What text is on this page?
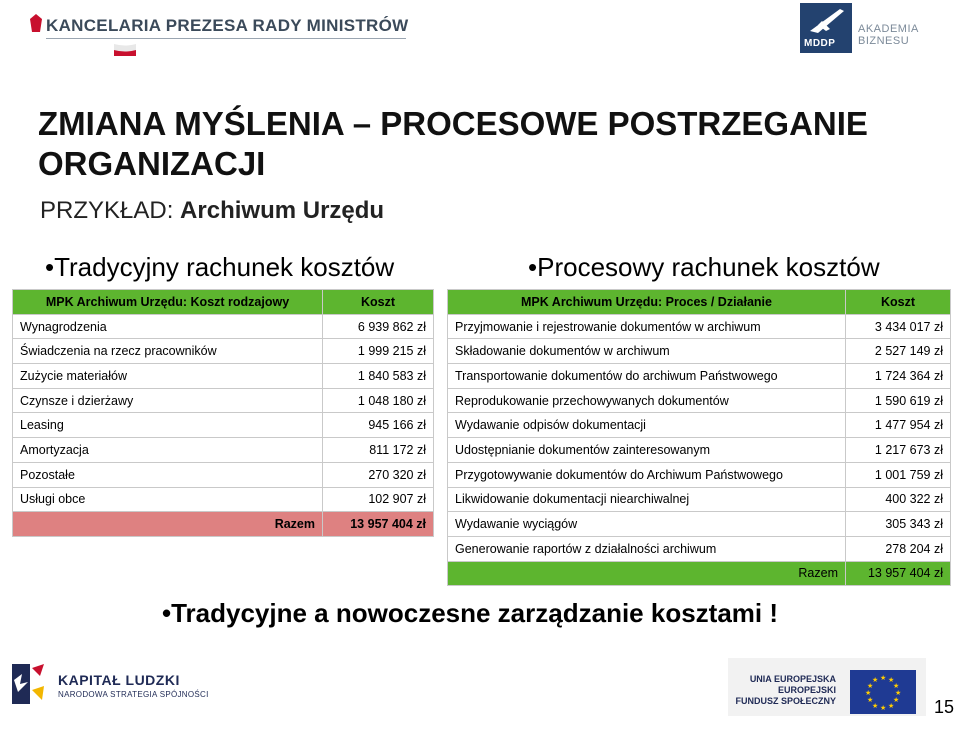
KANCELARIA PREZESA RADY MINISTRÓW
MDDP
AKADEMIA
BIZNESU
ZMIANA MYŚLENIA – PROCESOWE POSTRZEGANIE ORGANIZACJI
PRZYKŁAD: Archiwum Urzędu
•Tradycyjny rachunek kosztów	•Procesowy rachunek kosztów
MPK Archiwum Urzędu: Koszt rodzajowy	Koszt
Wynagrodzenia	6 939 862 zł
Świadczenia na rzecz pracowników	1 999 215 zł
Zużycie materiałów	1 840 583 zł
Czynsze i dzierżawy	1 048 180 zł
Leasing	945 166 zł
Amortyzacja	811 172 zł
Pozostałe	270 320 zł
Usługi obce	102 907 zł
Razem	13 957 404 zł
MPK Archiwum Urzędu: Proces / Działanie	Koszt
Przyjmowanie i rejestrowanie dokumentów w archiwum	3 434 017 zł
Składowanie dokumentów w archiwum	2 527 149 zł
Transportowanie dokumentów do archiwum Państwowego	1 724 364 zł
Reprodukowanie przechowywanych dokumentów	1 590 619 zł
Wydawanie odpisów dokumentacji	1 477 954 zł
Udostępnianie dokumentów zainteresowanym	1 217 673 zł
Przygotowywanie dokumentów do Archiwum Państwowego	1 001 759 zł
Likwidowanie dokumentacji niearchiwalnej	400 322 zł
Wydawanie wyciągów	305 343 zł
Generowanie raportów z działalności archiwum	278 204 zł
Razem	13 957 404 zł
•Tradycyjne a nowoczesne zarządzanie kosztami !
KAPITAŁ LUDZKI
NARODOWA STRATEGIA SPÓJNOŚCI
UNIA EUROPEJSKA
EUROPEJSKI
FUNDUSZ SPOŁECZNY
★ ★
★
★
★
★
★
★
★
★
★
★
15
